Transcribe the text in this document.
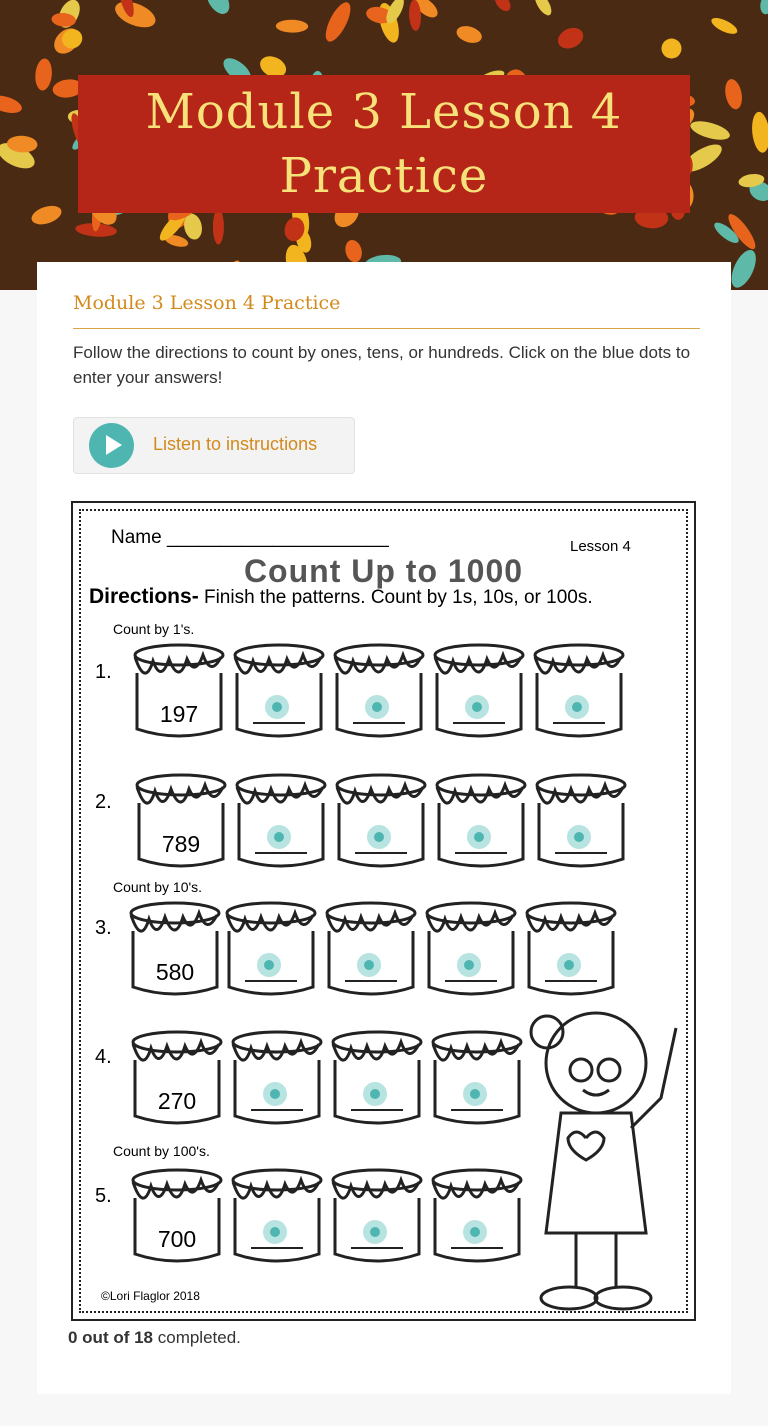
Module 3 Lesson 4 Practice
Module 3 Lesson 4 Practice
Follow the directions to count by ones, tens, or hundreds. Click on the blue dots to enter your answers!
Listen to instructions
Name _____________________	Lesson 4
Count Up to 1000
Directions- Finish the patterns. Count by 1s, 10s, or 100s.
Count by 1's.
Count by 10's.
Count by 100's.
1.
2.
3.
4.
5.
197
789
580
270
700
©Lori Flaglor 2018
0 out of 18 completed.
